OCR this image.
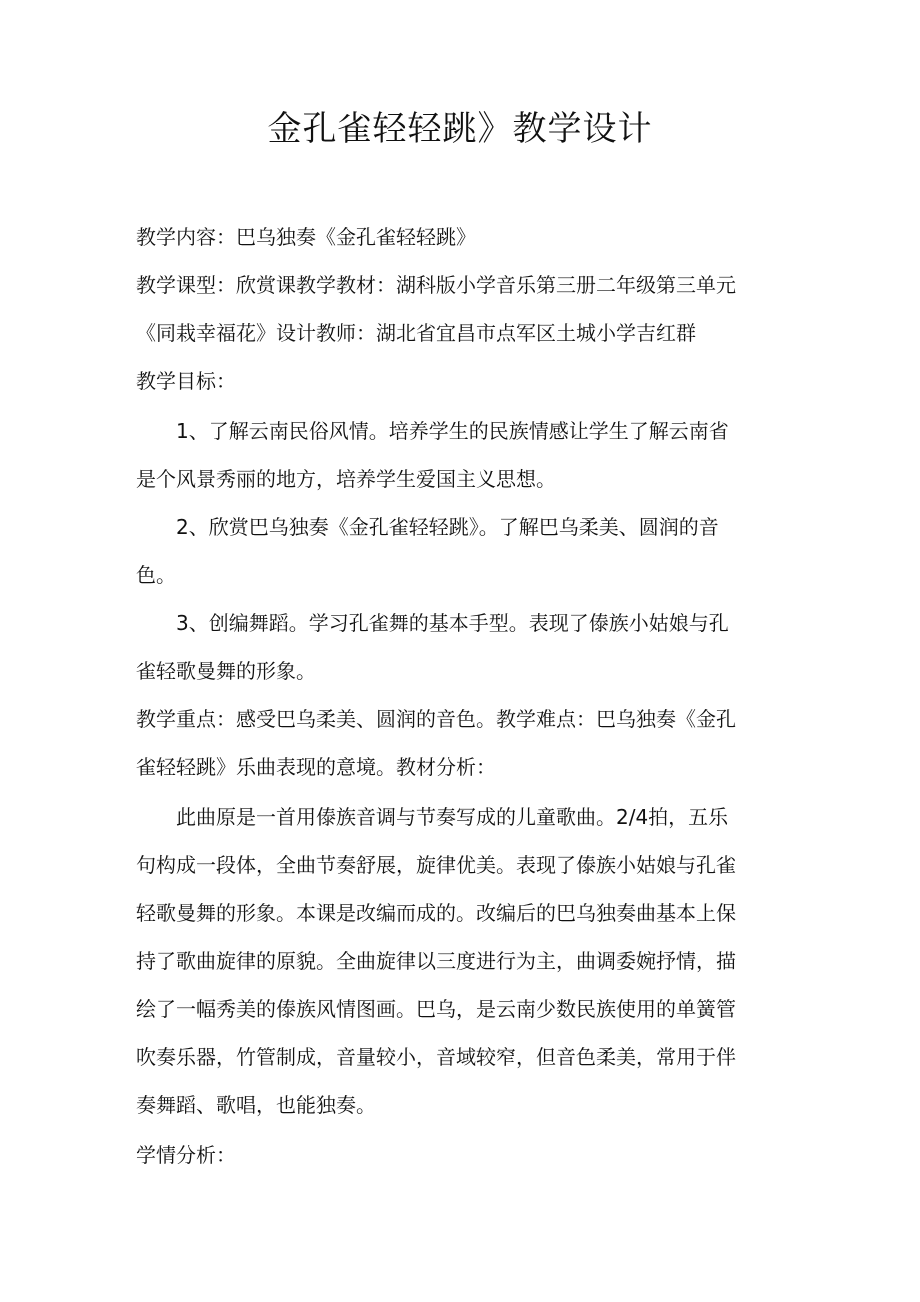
金孔雀轻轻跳》教学设计

教学内容：巴乌独奏《金孔雀轻轻跳》

教学课型：欣赏课教学教材：湖科版小学音乐第三册二年级第三单元

《同栽幸福花》设计教师：湖北省宜昌市点军区土城小学吉红群

教学目标：

1、了解云南民俗风情。培养学生的民族情感让学生了解云南省

是个风景秀丽的地方，培养学生爱国主义思想。

2、欣赏巴乌独奏《金孔雀轻轻跳》。了解巴乌柔美、圆润的音

色。

3、创编舞蹈。学习孔雀舞的基本手型。表现了傣族小姑娘与孔

雀轻歌曼舞的形象。

教学重点：感受巴乌柔美、圆润的音色。教学难点：巴乌独奏《金孔

雀轻轻跳》乐曲表现的意境。教材分析：

此曲原是一首用傣族音调与节奏写成的儿童歌曲。2/4拍，五乐

句构成一段体，全曲节奏舒展，旋律优美。表现了傣族小姑娘与孔雀

轻歌曼舞的形象。本课是改编而成的。改编后的巴乌独奏曲基本上保

持了歌曲旋律的原貌。全曲旋律以三度进行为主，曲调委婉抒情，描

绘了一幅秀美的傣族风情图画。巴乌，是云南少数民族使用的单簧管

吹奏乐器，竹管制成，音量较小，音域较窄，但音色柔美，常用于伴

奏舞蹈、歌唱，也能独奏。

学情分析：
